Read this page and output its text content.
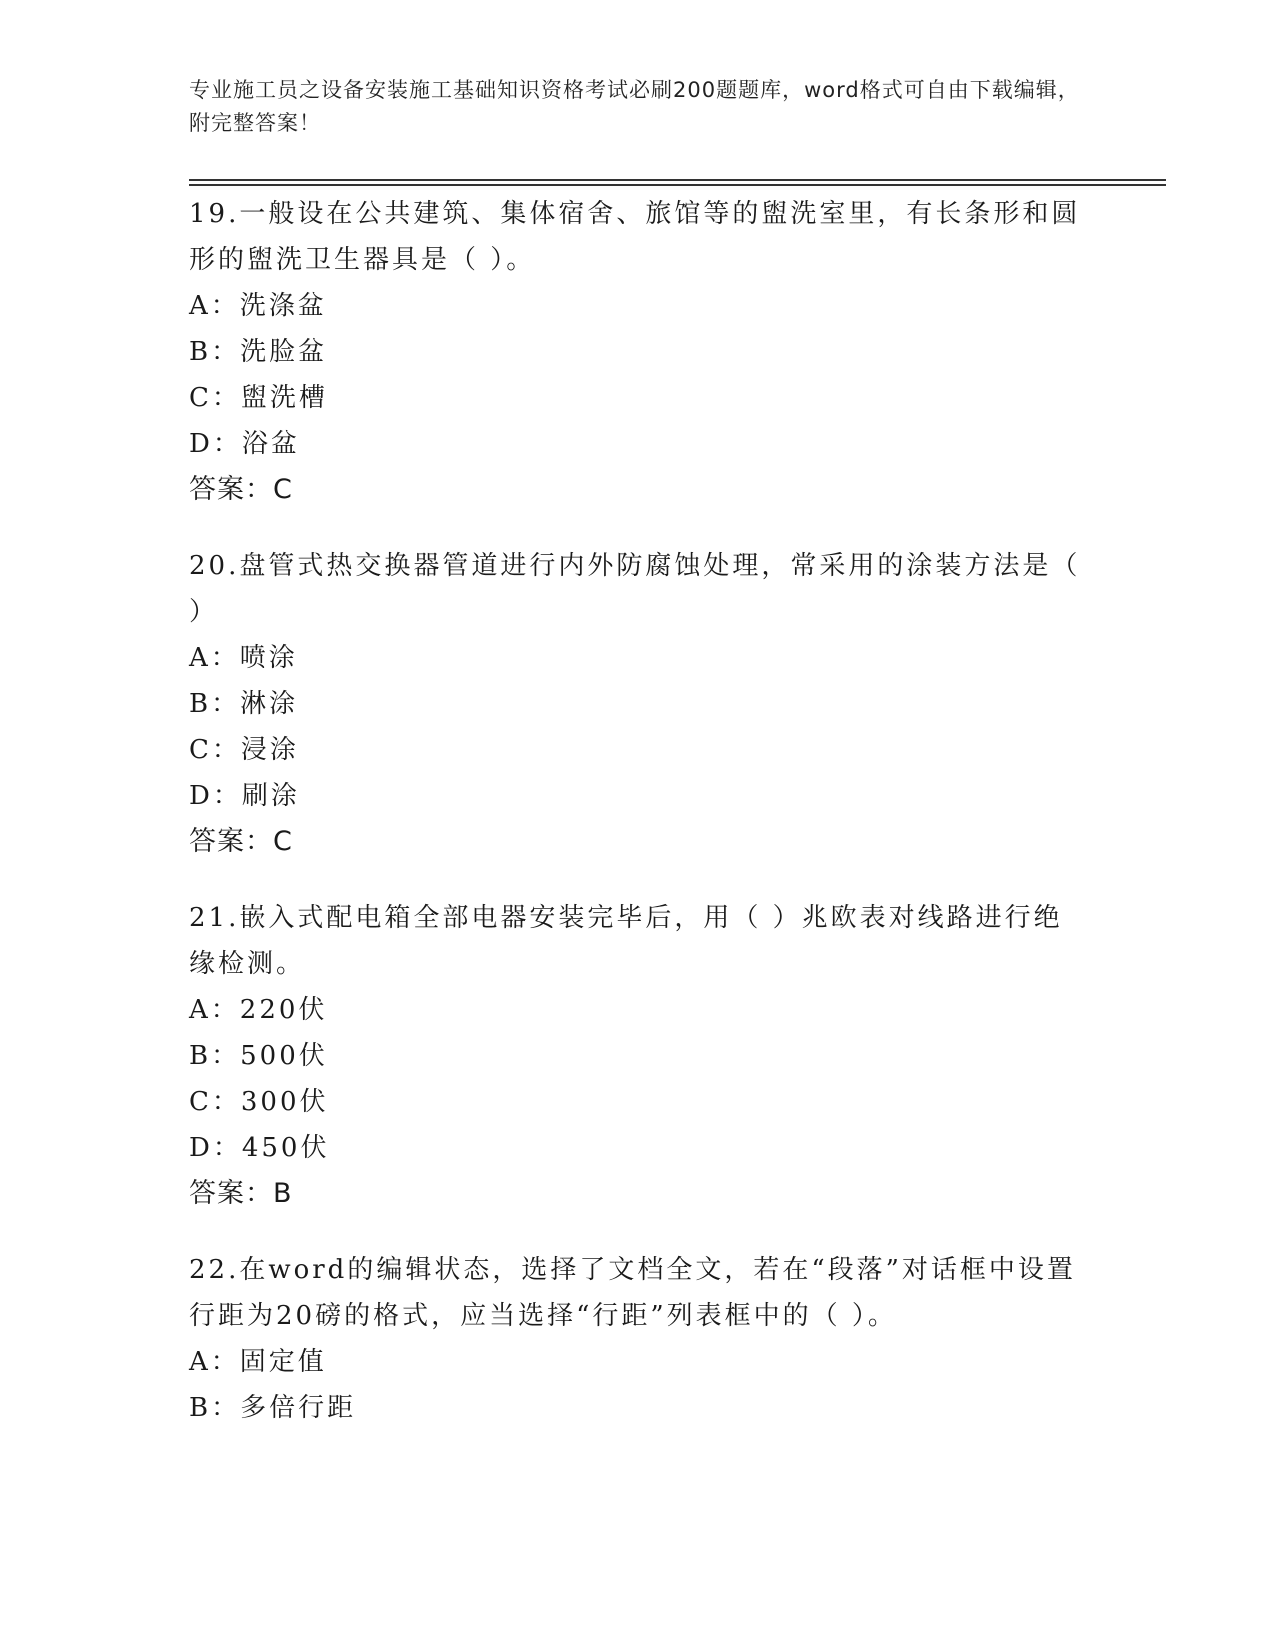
专业施工员之设备安装施工基础知识资格考试必刷200题题库，word格式可自由下载编辑，附完整答案！

19.一般设在公共建筑、集体宿舍、旅馆等的盥洗室里，有长条形和圆形的盥洗卫生器具是（ ）。

A：洗涤盆

B：洗脸盆

C：盥洗槽

D：浴盆

答案：C

20.盘管式热交换器管道进行内外防腐蚀处理，常采用的涂装方法是（ ）

A：喷涂

B：淋涂

C：浸涂

D：刷涂

答案：C

21.嵌入式配电箱全部电器安装完毕后，用（ ）兆欧表对线路进行绝缘检测。

A：220伏

B：500伏

C：300伏

D：450伏

答案：B

22.在word的编辑状态，选择了文档全文，若在“段落”对话框中设置行距为20磅的格式，应当选择“行距”列表框中的（ ）。

A：固定值

B：多倍行距
